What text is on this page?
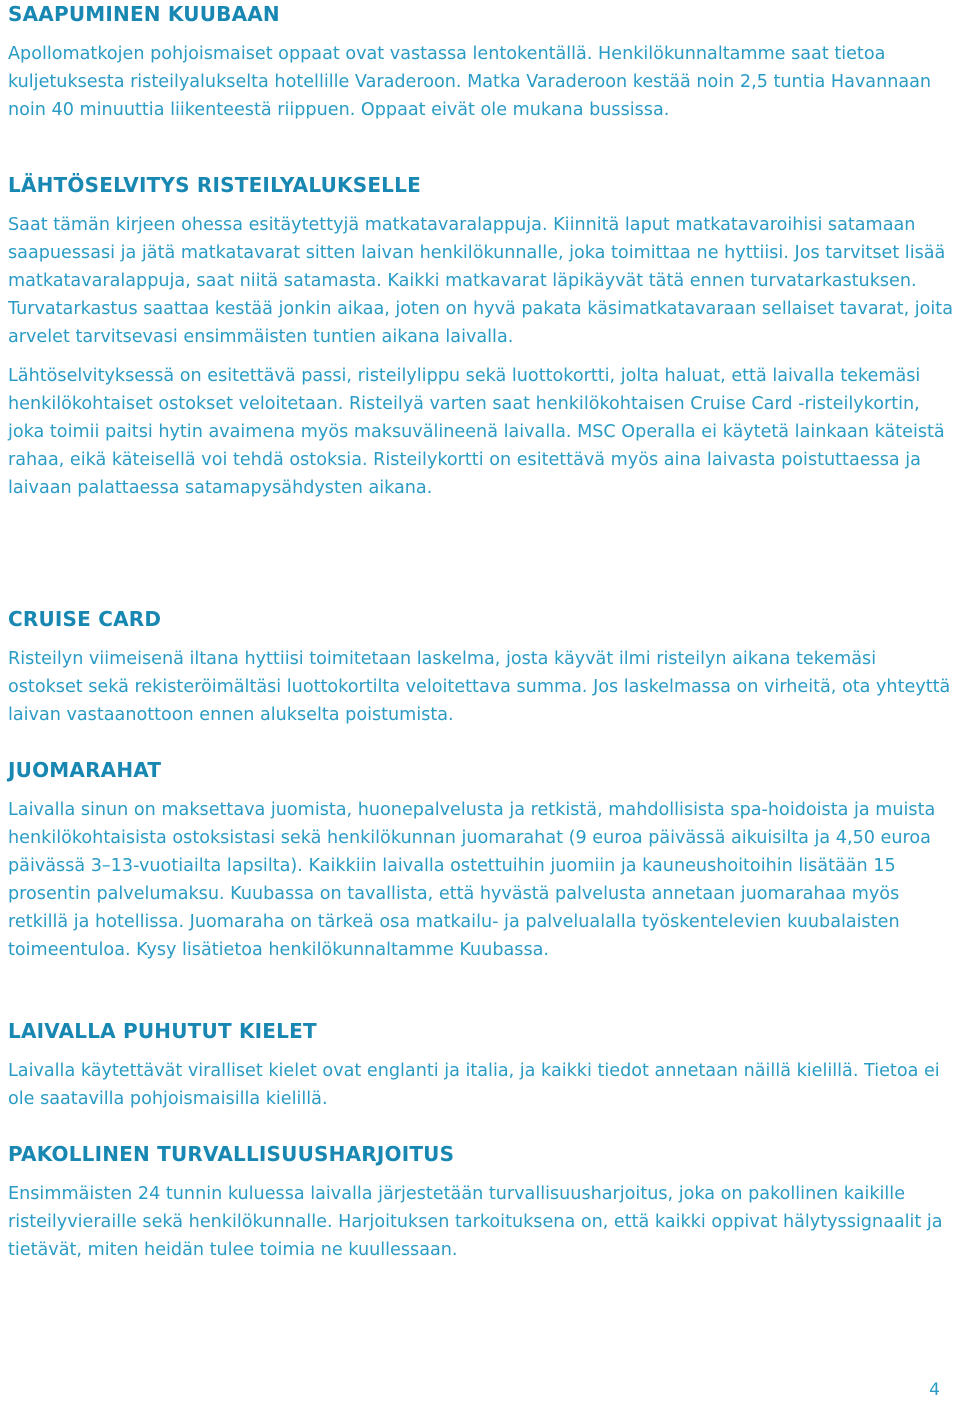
SAAPUMINEN KUUBAAN

Apollomatkojen pohjoismaiset oppaat ovat vastassa lentokentällä. Henkilökunnaltamme saat tietoa kuljetuksesta risteilyalukselta hotellille Varaderoon. Matka Varaderoon kestää noin 2,5 tuntia Havannaan noin 40 minuuttia liikenteestä riippuen. Oppaat eivät ole mukana bussissa.

LÄHTÖSELVITYS RISTEILYALUKSELLE

Saat tämän kirjeen ohessa esitäytettyjä matkatavaralappuja. Kiinnitä laput matkatavaroihisi satamaan saapuessasi ja jätä matkatavarat sitten laivan henkilökunnalle, joka toimittaa ne hyttiisi. Jos tarvitset lisää matkatavaralappuja, saat niitä satamasta. Kaikki matkavarat läpikäyvät tätä ennen turvatarkastuksen. Turvatarkastus saattaa kestää jonkin aikaa, joten on hyvä pakata käsimatkatavaraan sellaiset tavarat, joita arvelet tarvitsevasi ensimmäisten tuntien aikana laivalla.

Lähtöselvityksessä on esitettävä passi, risteilylippu sekä luottokortti, jolta haluat, että laivalla tekemäsi henkilökohtaiset ostokset veloitetaan. Risteilyä varten saat henkilökohtaisen Cruise Card -risteilykortin, joka toimii paitsi hytin avaimena myös maksuvälineenä laivalla. MSC Operalla ei käytetä lainkaan käteistä rahaa, eikä käteisellä voi tehdä ostoksia. Risteilykortti on esitettävä myös aina laivasta poistuttaessa ja laivaan palattaessa satamapysähdysten aikana.

CRUISE CARD

Risteilyn viimeisenä iltana hyttiisi toimitetaan laskelma, josta käyvät ilmi risteilyn aikana tekemäsi ostokset sekä rekisteröimältäsi luottokortilta veloitettava summa. Jos laskelmassa on virheitä, ota yhteyttä laivan vastaanottoon ennen alukselta poistumista.

JUOMARAHAT

Laivalla sinun on maksettava juomista, huonepalvelusta ja retkistä, mahdollisista spa-hoidoista ja muista henkilökohtaisista ostoksistasi sekä henkilökunnan juomarahat (9 euroa päivässä aikuisilta ja 4,50 euroa päivässä 3–13-vuotiailta lapsilta). Kaikkiin laivalla ostettuihin juomiin ja kauneushoitoihin lisätään 15 prosentin palvelumaksu. Kuubassa on tavallista, että hyvästä palvelusta annetaan juomarahaa myös retkillä ja hotellissa. Juomaraha on tärkeä osa matkailu- ja palvelualalla työskentelevien kuubalaisten toimeentuloa. Kysy lisätietoa henkilökunnaltamme Kuubassa.

LAIVALLA PUHUTUT KIELET

Laivalla käytettävät viralliset kielet ovat englanti ja italia, ja kaikki tiedot annetaan näillä kielillä. Tietoa ei ole saatavilla pohjoismaisilla kielillä.

PAKOLLINEN TURVALLISUUSHARJOITUS

Ensimmäisten 24 tunnin kuluessa laivalla järjestetään turvallisuusharjoitus, joka on pakollinen kaikille risteilyvieraille sekä henkilökunnalle. Harjoituksen tarkoituksena on, että kaikki oppivat hälytyssignaalit ja tietävät, miten heidän tulee toimia ne kuullessaan.

4
